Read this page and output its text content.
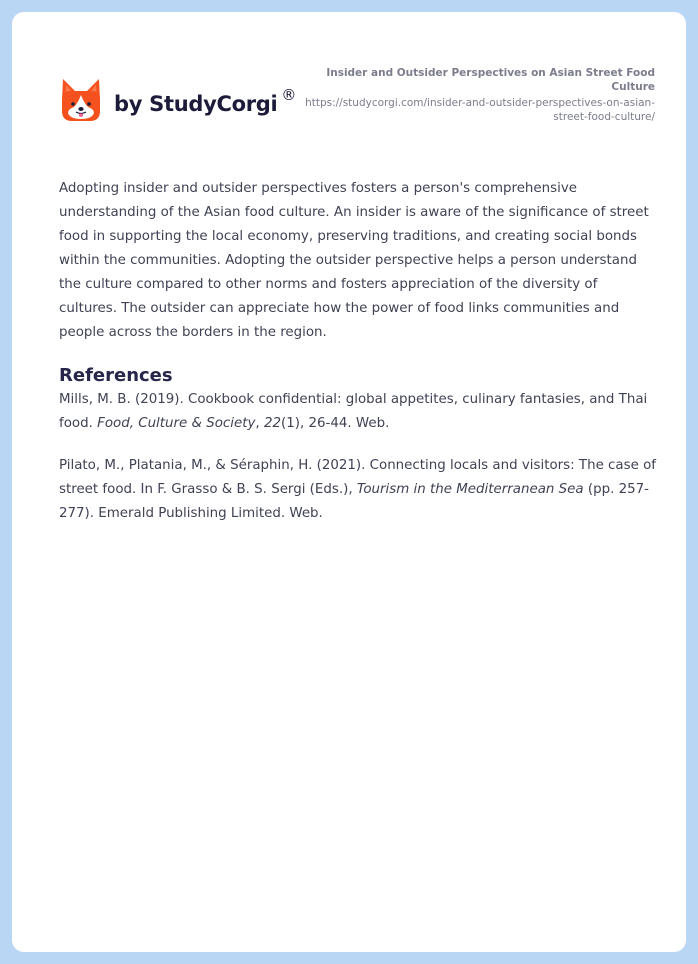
by StudyCorgi ®
Insider and Outsider Perspectives on Asian Street Food Culture
https://studycorgi.com/insider-and-outsider-perspectives-on-asian-street-food-culture/

Adopting insider and outsider perspectives fosters a person's comprehensive understanding of the Asian food culture. An insider is aware of the significance of street food in supporting the local economy, preserving traditions, and creating social bonds within the communities. Adopting the outsider perspective helps a person understand the culture compared to other norms and fosters appreciation of the diversity of cultures. The outsider can appreciate how the power of food links communities and people across the borders in the region.

References

Mills, M. B. (2019). Cookbook confidential: global appetites, culinary fantasies, and Thai food. Food, Culture & Society, 22(1), 26-44. Web.

Pilato, M., Platania, M., & Séraphin, H. (2021). Connecting locals and visitors: The case of street food. In F. Grasso & B. S. Sergi (Eds.), Tourism in the Mediterranean Sea (pp. 257-277). Emerald Publishing Limited. Web.
